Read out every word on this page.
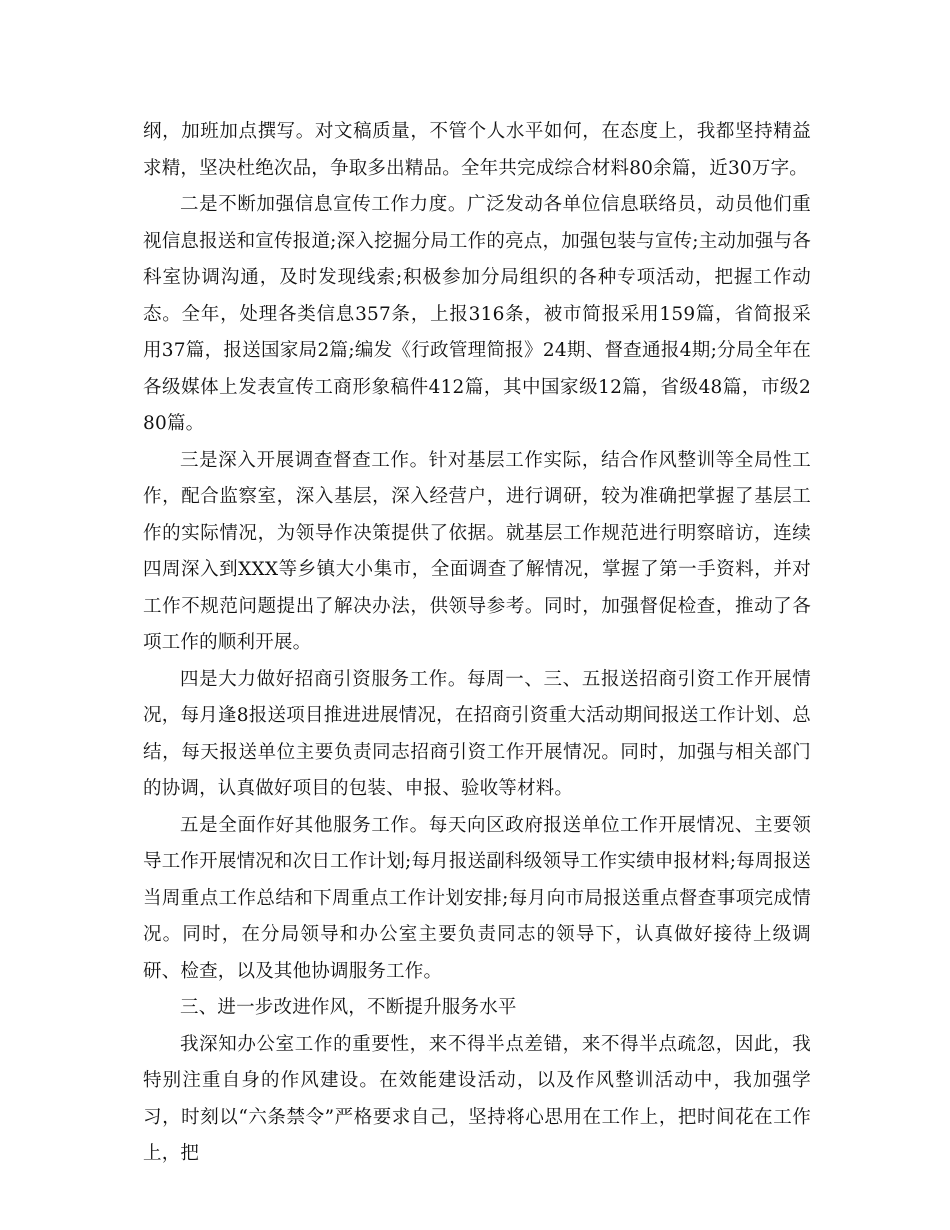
纲，加班加点撰写。对文稿质量，不管个人水平如何，在态度上，我都坚持精益求精，坚决杜绝次品，争取多出精品。全年共完成综合材料80余篇，近30万字。

二是不断加强信息宣传工作力度。广泛发动各单位信息联络员，动员他们重视信息报送和宣传报道;深入挖掘分局工作的亮点，加强包装与宣传;主动加强与各科室协调沟通，及时发现线索;积极参加分局组织的各种专项活动，把握工作动态。全年，处理各类信息357条，上报316条，被市简报采用159篇，省简报采用37篇，报送国家局2篇;编发《行政管理简报》24期、督查通报4期;分局全年在各级媒体上发表宣传工商形象稿件412篇，其中国家级12篇，省级48篇，市级280篇。

三是深入开展调查督查工作。针对基层工作实际，结合作风整训等全局性工作，配合监察室，深入基层，深入经营户，进行调研，较为准确把掌握了基层工作的实际情况，为领导作决策提供了依据。就基层工作规范进行明察暗访，连续四周深入到XXX等乡镇大小集市，全面调查了解情况，掌握了第一手资料，并对工作不规范问题提出了解决办法，供领导参考。同时，加强督促检查，推动了各项工作的顺利开展。

四是大力做好招商引资服务工作。每周一、三、五报送招商引资工作开展情况，每月逢8报送项目推进进展情况，在招商引资重大活动期间报送工作计划、总结，每天报送单位主要负责同志招商引资工作开展情况。同时，加强与相关部门的协调，认真做好项目的包装、申报、验收等材料。

五是全面作好其他服务工作。每天向区政府报送单位工作开展情况、主要领导工作开展情况和次日工作计划;每月报送副科级领导工作实绩申报材料;每周报送当周重点工作总结和下周重点工作计划安排;每月向市局报送重点督查事项完成情况。同时，在分局领导和办公室主要负责同志的领导下，认真做好接待上级调研、检查，以及其他协调服务工作。

三、进一步改进作风，不断提升服务水平

我深知办公室工作的重要性，来不得半点差错，来不得半点疏忽，因此，我特别注重自身的作风建设。在效能建设活动，以及作风整训活动中，我加强学习，时刻以“六条禁令”严格要求自己，坚持将心思用在工作上，把时间花在工作上，把
